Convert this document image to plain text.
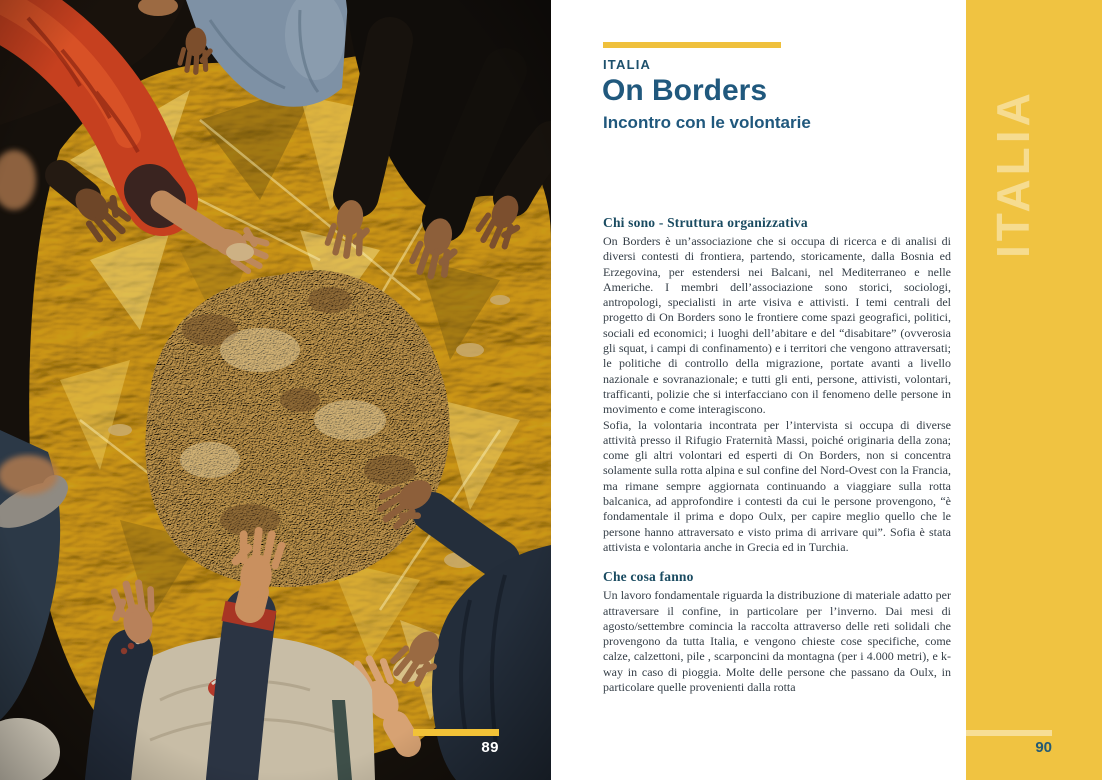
89
ITALIA
On Borders
Incontro con le volontarie
Chi sono - Struttura organizzativa

On Borders è un’associazione che si occupa di ricerca e di analisi di diversi contesti di frontiera, partendo, storicamente, dalla Bosnia ed Erzegovina, per estendersi nei Balcani, nel Mediterraneo e nelle Americhe. I membri dell’associazione sono storici, sociologi, antropologi, specialisti in arte visiva e attivisti. I temi centrali del progetto di On Borders sono le frontiere come spazi geografici, politici, sociali ed economici; i luoghi dell’abitare e del “disabitare” (ovverosia gli squat, i campi di confinamento) e i territori che vengono attraversati; le politiche di controllo della migrazione, portate avanti a livello nazionale e sovranazionale; e tutti gli enti, persone, attivisti, volontari, trafficanti, polizie che si interfacciano con il fenomeno delle persone in movimento e come interagiscono.

Sofia, la volontaria incontrata per l’intervista si occupa di diverse attività presso il Rifugio Fraternità Massi, poiché originaria della zona; come gli altri volontari ed esperti di On Borders, non si concentra solamente sulla rotta alpina e sul confine del Nord-Ovest con la Francia, ma rimane sempre aggiornata continuando a viaggiare sulla rotta balcanica, ad approfondire i contesti da cui le persone provengono, “è fondamentale il prima e dopo Oulx, per capire meglio quello che le persone hanno attraversato e visto prima di arrivare qui”. Sofia è stata attivista e volontaria anche in Grecia ed in Turchia.

Che cosa fanno

Un lavoro fondamentale riguarda la distribuzione di materiale adatto per attraversare il confine, in particolare per l’inverno. Dai mesi di agosto/settembre comincia la raccolta attraverso delle reti solidali che provengono da tutta Italia, e vengono chieste cose specifiche, come calze, calzettoni, pile , scarponcini da montagna (per i 4.000 metri), e k-way in caso di pioggia. Molte delle persone che passano da Oulx, in particolare quelle provenienti dalla rotta

ITALIA
90
